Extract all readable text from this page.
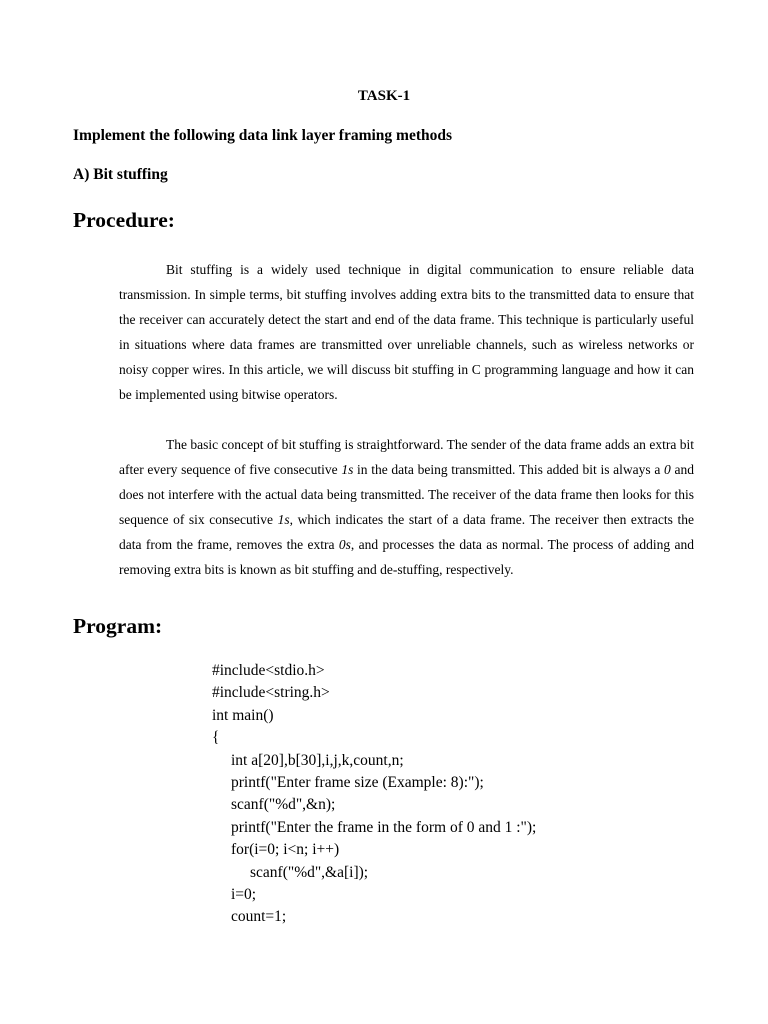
TASK-1
Implement the following data link layer framing methods
A) Bit stuffing
Procedure:

Bit stuffing is a widely used technique in digital communication to ensure reliable data transmission. In simple terms, bit stuffing involves adding extra bits to the transmitted data to ensure that the receiver can accurately detect the start and end of the data frame. This technique is particularly useful in situations where data frames are transmitted over unreliable channels, such as wireless networks or noisy copper wires. In this article, we will discuss bit stuffing in C programming language and how it can be implemented using bitwise operators.

The basic concept of bit stuffing is straightforward. The sender of the data frame adds an extra bit after every sequence of five consecutive 1s in the data being transmitted. This added bit is always a 0 and does not interfere with the actual data being transmitted. The receiver of the data frame then looks for this sequence of six consecutive 1s, which indicates the start of a data frame. The receiver then extracts the data from the frame, removes the extra 0s, and processes the data as normal. The process of adding and removing extra bits is known as bit stuffing and de-stuffing, respectively.

Program:
#include<stdio.h>
#include<string.h>
int main()
{
int a[20],b[30],i,j,k,count,n;
printf("Enter frame size (Example: 8):");
scanf("%d",&n);
printf("Enter the frame in the form of 0 and 1 :");
for(i=0; i<n; i++)
scanf("%d",&a[i]);
i=0;
count=1;
